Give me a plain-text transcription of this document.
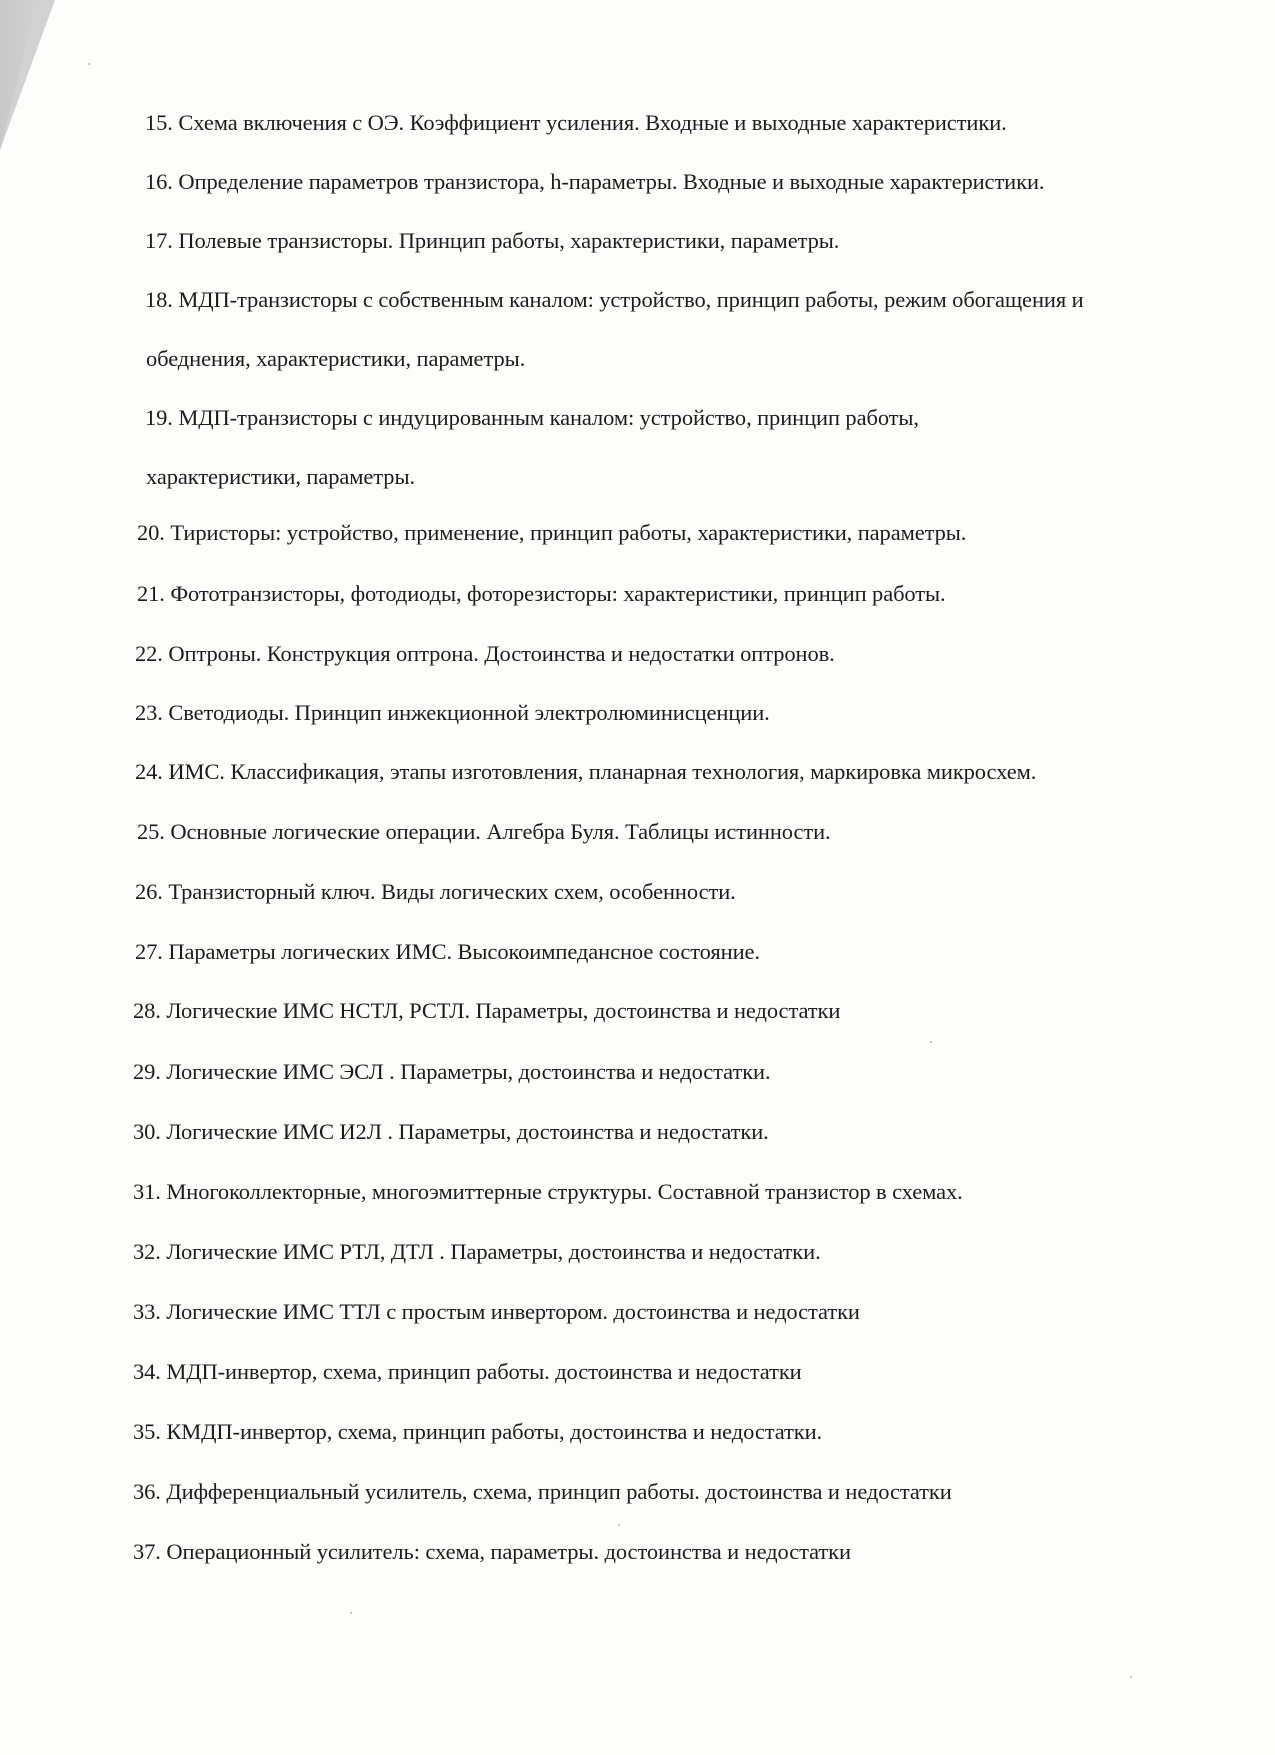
15. Схема включения с ОЭ. Коэффициент усиления. Входные и выходные характеристики.
16. Определение параметров транзистора, h-параметры. Входные и выходные характеристики.
17. Полевые транзисторы. Принцип работы, характеристики, параметры.
18. МДП-транзисторы с собственным каналом: устройство, принцип работы, режим обогащения и
обеднения, характеристики, параметры.
19. МДП-транзисторы с индуцированным каналом: устройство, принцип работы,
характеристики, параметры.
20. Тиристоры: устройство, применение, принцип работы, характеристики, параметры.
21. Фототранзисторы, фотодиоды, фоторезисторы: характеристики, принцип работы.
22. Оптроны. Конструкция оптрона. Достоинства и недостатки оптронов.
23. Светодиоды. Принцип инжекционной электролюминисценции.
24. ИМС. Классификация, этапы изготовления, планарная технология, маркировка микросхем.
25. Основные логические операции. Алгебра Буля. Таблицы истинности.
26. Транзисторный ключ. Виды логических схем, особенности.
27. Параметры логических ИМС. Высокоимпедансное состояние.
28. Логические ИМС НСТЛ, РСТЛ. Параметры, достоинства и недостатки
29. Логические ИМС ЭСЛ . Параметры, достоинства и недостатки.
30. Логические ИМС И2Л . Параметры, достоинства и недостатки.
31. Многоколлекторные, многоэмиттерные структуры. Составной транзистор в схемах.
32. Логические ИМС РТЛ, ДТЛ . Параметры, достоинства и недостатки.
33. Логические ИМС ТТЛ с простым инвертором. достоинства и недостатки
34. МДП-инвертор, схема, принцип работы. достоинства и недостатки
35. КМДП-инвертор, схема, принцип работы, достоинства и недостатки.
36. Дифференциальный усилитель, схема, принцип работы. достоинства и недостатки
37. Операционный усилитель: схема, параметры. достоинства и недостатки
